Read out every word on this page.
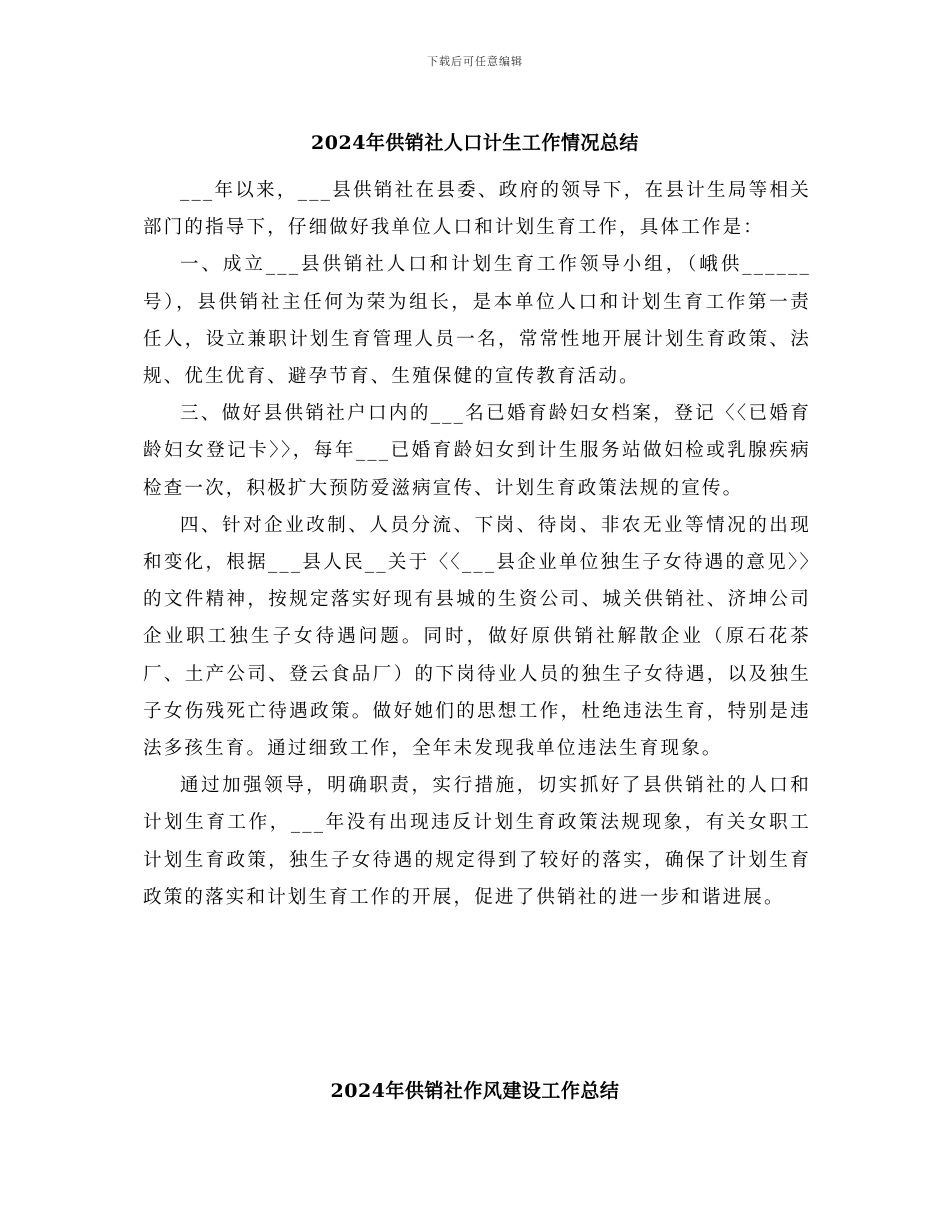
下载后可任意编辑
2024年供销社人口计生工作情况总结

___年以来，___县供销社在县委、政府的领导下，在县计生局等相关部门的指导下，仔细做好我单位人口和计划生育工作，具体工作是：

一、成立___县供销社人口和计划生育工作领导小组，（峨供______号），县供销社主任何为荣为组长，是本单位人口和计划生育工作第一责任人，设立兼职计划生育管理人员一名，常常性地开展计划生育政策、法规、优生优育、避孕节育、生殖保健的宣传教育活动。

三、做好县供销社户口内的___名已婚育龄妇女档案，登记〈〈已婚育龄妇女登记卡〉〉，每年___已婚育龄妇女到计生服务站做妇检或乳腺疾病检查一次，积极扩大预防爱滋病宣传、计划生育政策法规的宣传。

四、针对企业改制、人员分流、下岗、待岗、非农无业等情况的出现和变化，根据___县人民__关于〈〈___县企业单位独生子女待遇的意见〉〉的文件精神，按规定落实好现有县城的生资公司、城关供销社、济坤公司企业职工独生子女待遇问题。同时，做好原供销社解散企业（原石花茶厂、土产公司、登云食品厂）的下岗待业人员的独生子女待遇，以及独生子女伤残死亡待遇政策。做好她们的思想工作，杜绝违法生育，特别是违法多孩生育。通过细致工作，全年未发现我单位违法生育现象。

通过加强领导，明确职责，实行措施，切实抓好了县供销社的人口和计划生育工作，___年没有出现违反计划生育政策法规现象，有关女职工计划生育政策，独生子女待遇的规定得到了较好的落实，确保了计划生育政策的落实和计划生育工作的开展，促进了供销社的进一步和谐进展。

2024年供销社作风建设工作总结
